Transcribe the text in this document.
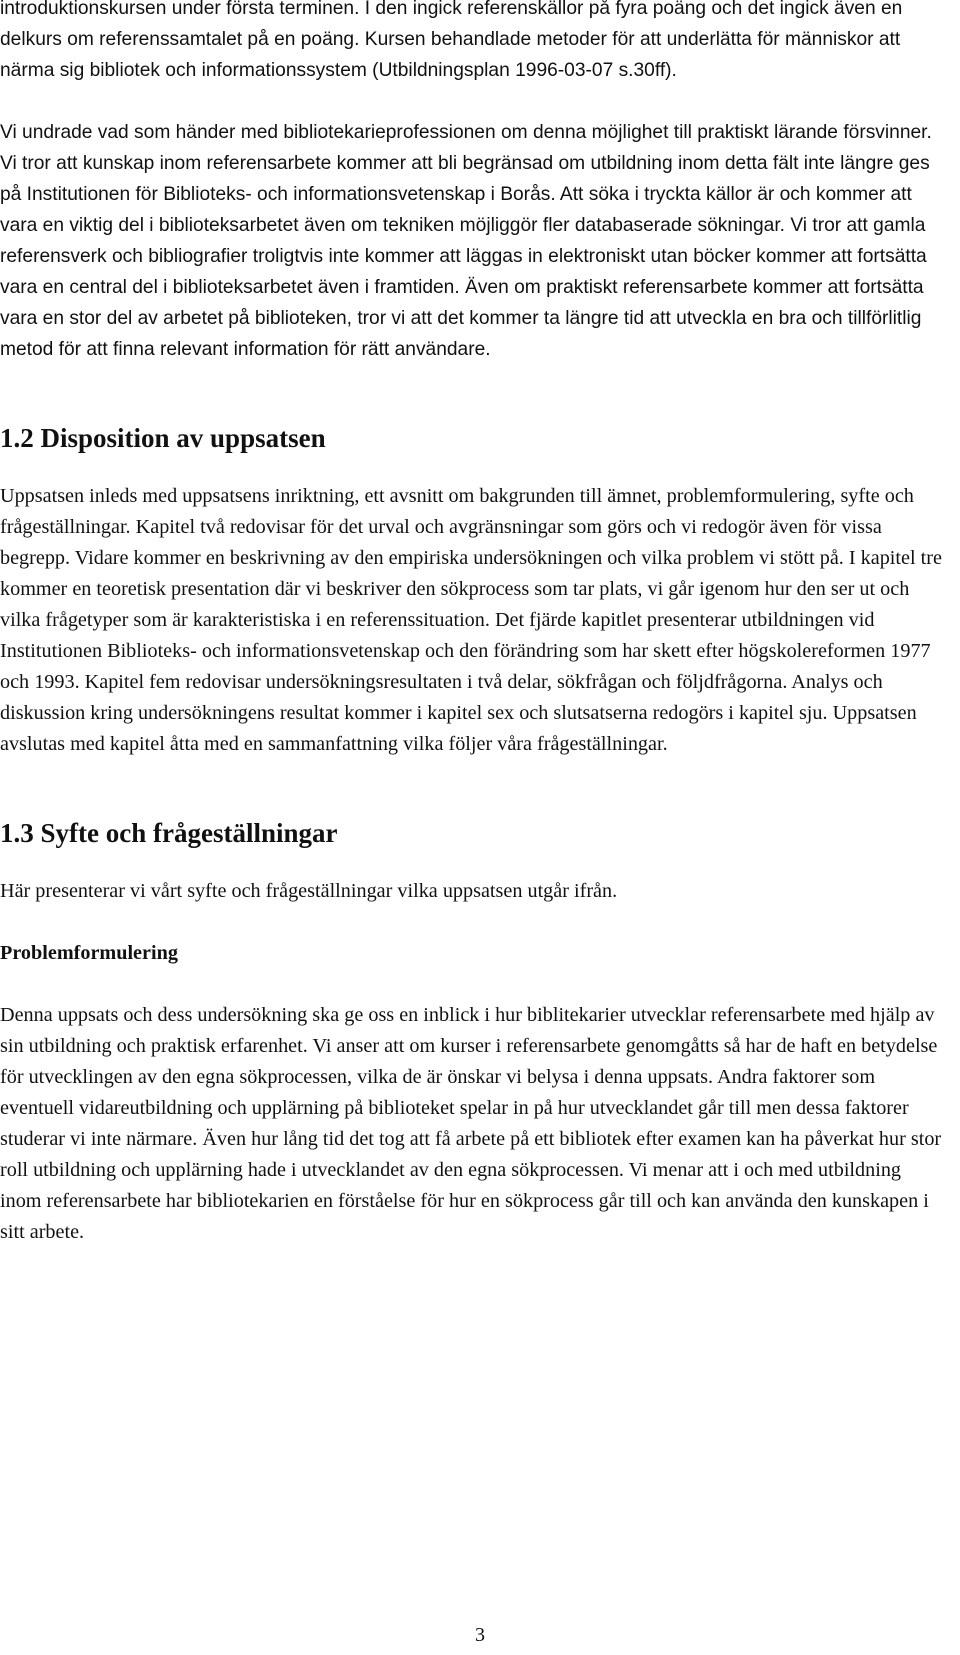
introduktionskursen under första terminen. I den ingick referenskällor på fyra poäng och det ingick även en delkurs om referenssamtalet på en poäng. Kursen behandlade metoder för att underlätta för människor att närma sig bibliotek och informationssystem (Utbildningsplan 1996-03-07 s.30ff).

Vi undrade vad som händer med bibliotekarieprofessionen om denna möjlighet till praktiskt lärande försvinner. Vi tror att kunskap inom referensarbete kommer att bli begränsad om utbildning inom detta fält inte längre ges på Institutionen för Biblioteks- och informationsvetenskap i Borås. Att söka i tryckta källor är och kommer att vara en viktig del i biblioteksarbetet även om tekniken möjliggör fler databaserade sökningar. Vi tror att gamla referensverk och bibliografier troligtvis inte kommer att läggas in elektroniskt utan böcker kommer att fortsätta vara en central del i biblioteksarbetet även i framtiden. Även om praktiskt referensarbete kommer att fortsätta vara en stor del av arbetet på biblioteken, tror vi att det kommer ta längre tid att utveckla en bra och tillförlitlig metod för att finna relevant information för rätt användare.

1.2 Disposition av uppsatsen

Uppsatsen inleds med uppsatsens inriktning, ett avsnitt om bakgrunden till ämnet, problemformulering, syfte och frågeställningar. Kapitel två redovisar för det urval och avgränsningar som görs och vi redogör även för vissa begrepp. Vidare kommer en beskrivning av den empiriska undersökningen och vilka problem vi stött på. I kapitel tre kommer en teoretisk presentation där vi beskriver den sökprocess som tar plats, vi går igenom hur den ser ut och vilka frågetyper som är karakteristiska i en referenssituation. Det fjärde kapitlet presenterar utbildningen vid Institutionen Biblioteks- och informationsvetenskap och den förändring som har skett efter högskolereformen 1977 och 1993. Kapitel fem redovisar undersökningsresultaten i två delar, sökfrågan och följdfrågorna. Analys och diskussion kring undersökningens resultat kommer i kapitel sex och slutsatserna redogörs i kapitel sju. Uppsatsen avslutas med kapitel åtta med en sammanfattning vilka följer våra frågeställningar.

1.3 Syfte och frågeställningar

Här presenterar vi vårt syfte och frågeställningar vilka uppsatsen utgår ifrån.

Problemformulering

Denna uppsats och dess undersökning ska ge oss en inblick i hur biblitekarier utvecklar referensarbete med hjälp av sin utbildning och praktisk erfarenhet. Vi anser att om kurser i referensarbete genomgåtts så har de haft en betydelse för utvecklingen av den egna sökprocessen, vilka de är önskar vi belysa i denna uppsats. Andra faktorer som eventuell vidareutbildning och upplärning på biblioteket spelar in på hur utvecklandet går till men dessa faktorer studerar vi inte närmare. Även hur lång tid det tog att få arbete på ett bibliotek efter examen kan ha påverkat hur stor roll utbildning och upplärning hade i utvecklandet av den egna sökprocessen. Vi menar att i och med utbildning inom referensarbete har bibliotekarien en förståelse för hur en sökprocess går till och kan använda den kunskapen i sitt arbete.

3
